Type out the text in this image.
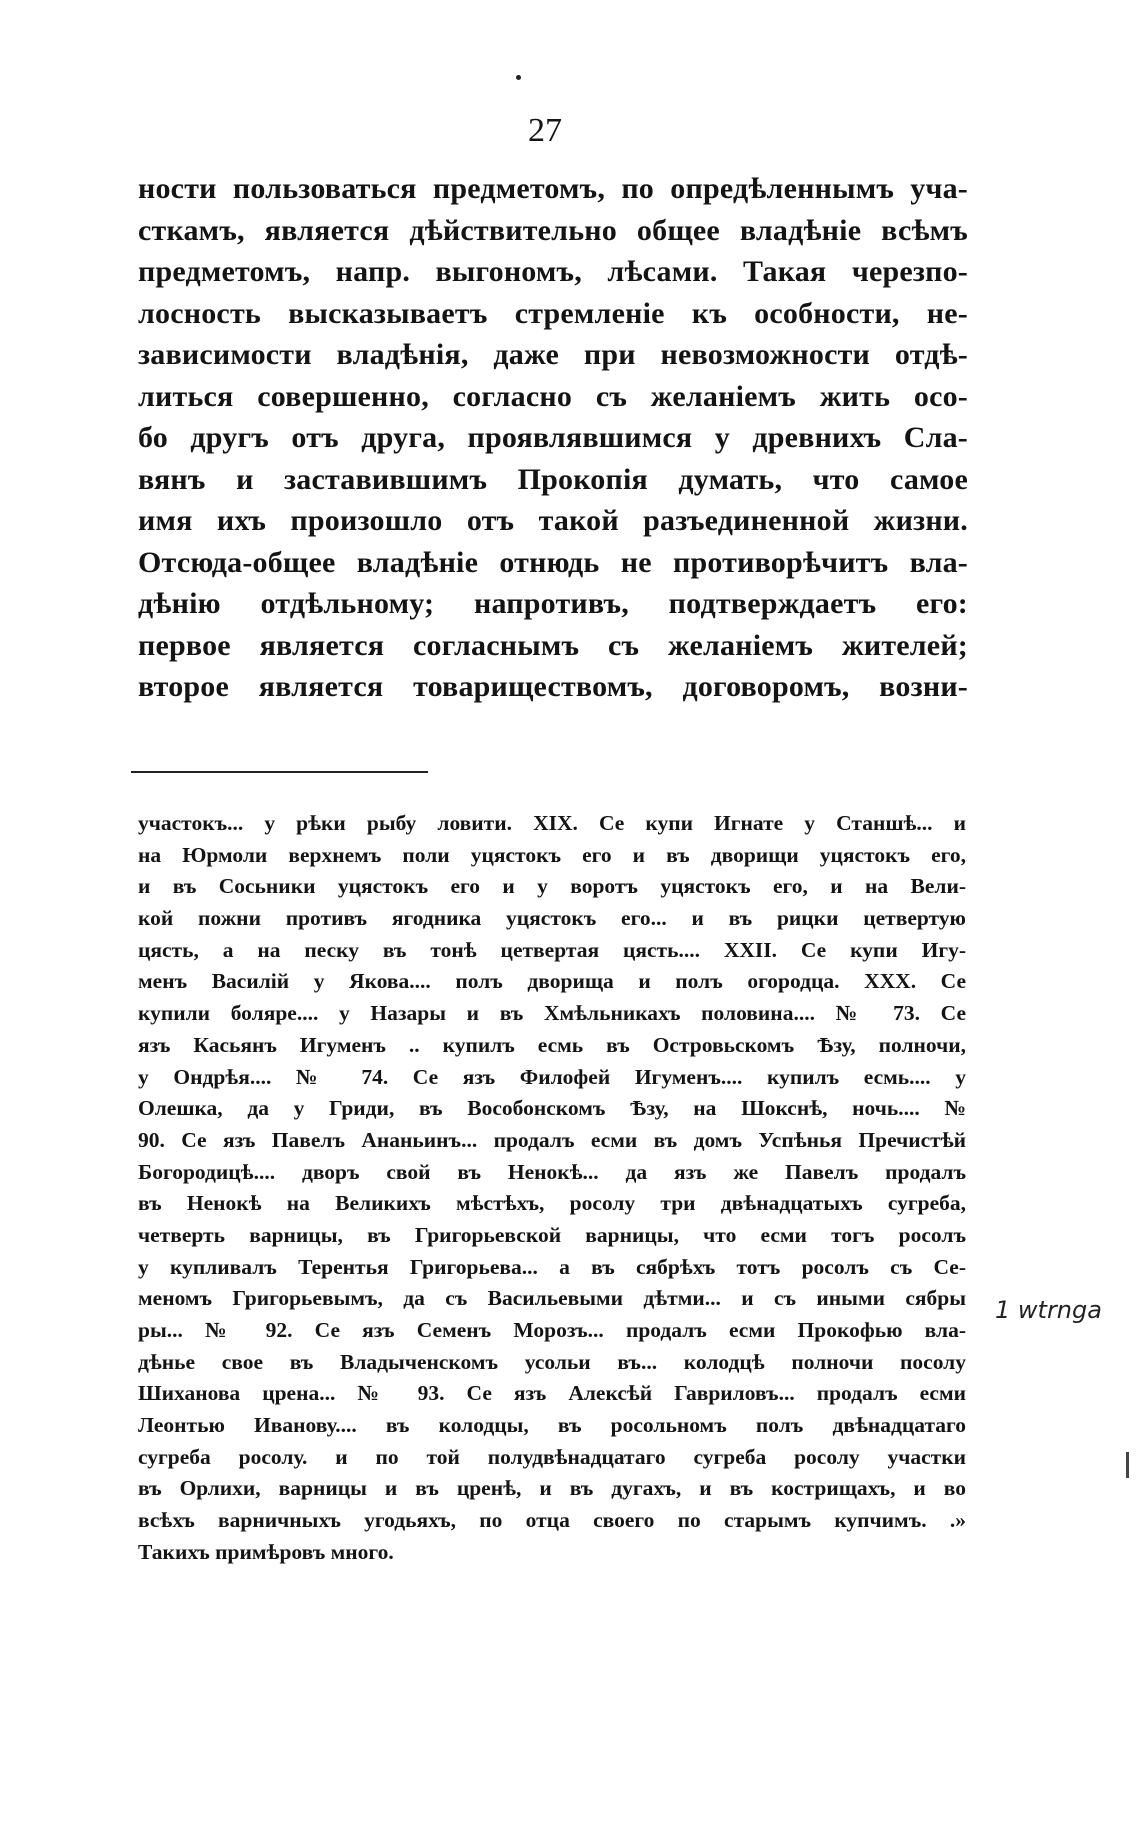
27
ности пользоваться предметомъ, по опредѣленнымъ уча-
сткамъ, является дѣйствительно общее владѣніе всѣмъ
предметомъ, напр. выгономъ, лѣсами. Такая черезпо-
лосность высказываетъ стремленіе къ особности, не-
зависимости владѣнія, даже при невозможности отдѣ-
литься совершенно, согласно съ желаніемъ жить осо-
бо другъ отъ друга, проявлявшимся у древнихъ Сла-
вянъ и заставившимъ Прокопія думать, что самое
имя ихъ произошло отъ такой разъединенной жизни.
Отсюда-общее владѣніе отнюдь не противорѣчитъ вла-
дѣнію отдѣльному; напротивъ, подтверждаетъ его:
первое является согласнымъ съ желаніемъ жителей;
второе является товариществомъ, договоромъ, возни-
участокъ... у рѣки рыбу ловити. XIX. Се купи Игнате у Станшѣ... и
на Юрмоли верхнемъ поли уцястокъ его и въ дворищи уцястокъ его,
и въ Сосьники уцястокъ его и у воротъ уцястокъ его, и на Вели-
кой пожни противъ ягодника уцястокъ его... и въ рицки цетвертую
цясть, а на песку въ тонѣ цетвертая цясть.... XXII. Се купи Игу-
менъ Василій у Якова.... полъ дворища и полъ огородца. XXX. Се
купили боляре.... у Назары и въ Хмѣльникахъ половина.... № 73. Се
язъ Касьянъ Игуменъ .. купилъ есмь въ Островьскомъ Ѣзу, полночи,
у Ондрѣя.... № 74. Се язъ Филофей Игуменъ.... купилъ есмь.... у
Олешка, да у Гриди, въ Вособонскомъ Ѣзу, на Шокснѣ, ночь.... №
90. Се язъ Павелъ Ананьинъ... продалъ есми въ домъ Успѣнья Пречистѣй
Богородицѣ.... дворъ свой въ Ненокѣ... да язъ же Павелъ продалъ
въ Ненокѣ на Великихъ мѣстѣхъ, росолу три двѣнадцатыхъ сугреба,
четверть варницы, въ Григорьевской варницы, что есми тогъ росолъ
у купливалъ Терентья Григорьева... а въ сябрѣхъ тотъ росолъ съ Се-
меномъ Григорьевымъ, да съ Васильевыми дѣтми... и съ иными сябры
ры... № 92. Се язъ Семенъ Морозъ... продалъ есми Прокофью вла-
дѣнье свое въ Владыченскомъ усольи въ... колодцѣ полночи посолу
Шиханова црена... № 93. Се язъ Алексѣй Гавриловъ... продалъ есми
Леонтью Иванову.... въ колодцы, въ росольномъ полъ двѣнадцатаго
сугреба росолу. и по той полудвѣнадцатаго сугреба росолу участки
въ Орлихи, варницы и въ цренѣ, и въ дугахъ, и въ кострищахъ, и во
всѣхъ варничныхъ угодьяхъ, по отца своего по старымъ купчимъ. .»
Такихъ примѣровъ много.
1 wtrnga
